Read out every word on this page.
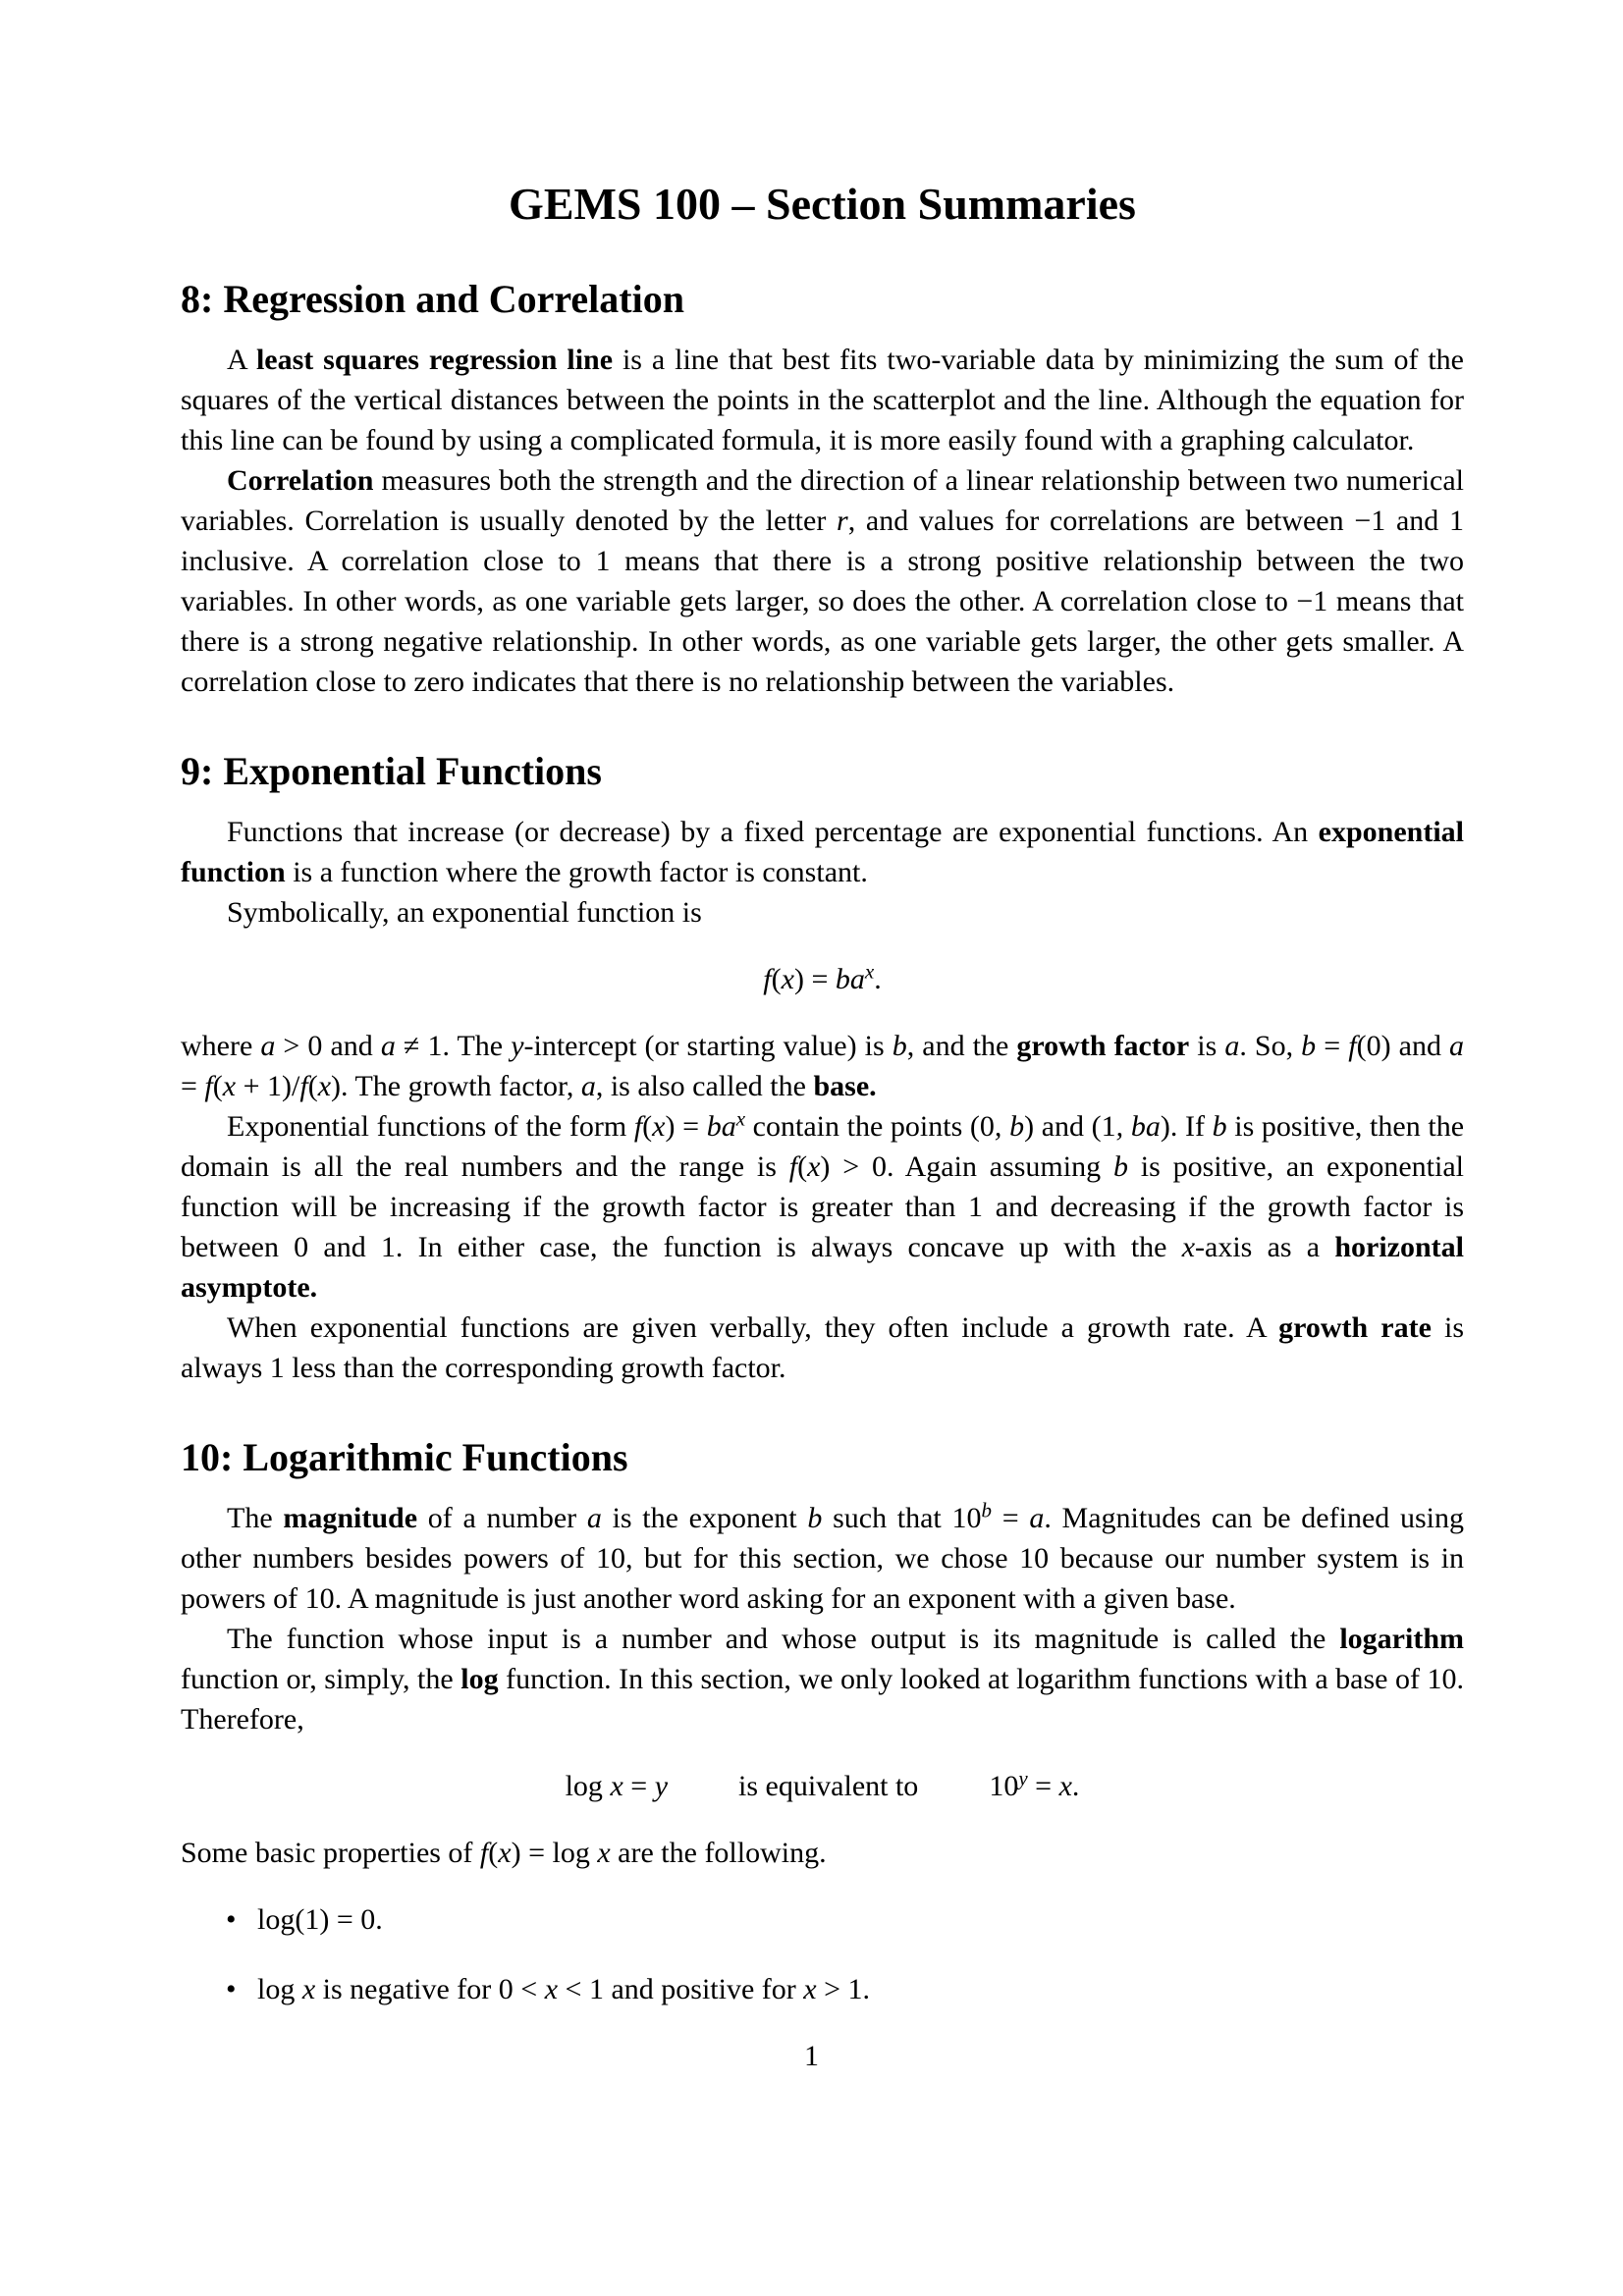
GEMS 100 – Section Summaries
8: Regression and Correlation

A least squares regression line is a line that best fits two-variable data by minimizing the sum of the squares of the vertical distances between the points in the scatterplot and the line. Although the equation for this line can be found by using a complicated formula, it is more easily found with a graphing calculator.

Correlation measures both the strength and the direction of a linear relationship between two numerical variables. Correlation is usually denoted by the letter r, and values for correlations are between −1 and 1 inclusive. A correlation close to 1 means that there is a strong positive relationship between the two variables. In other words, as one variable gets larger, so does the other. A correlation close to −1 means that there is a strong negative relationship. In other words, as one variable gets larger, the other gets smaller. A correlation close to zero indicates that there is no relationship between the variables.

9: Exponential Functions

Functions that increase (or decrease) by a fixed percentage are exponential functions. An exponential function is a function where the growth factor is constant.

Symbolically, an exponential function is

$f(x) = ba^x$.

where a > 0 and a ≠ 1. The y-intercept (or starting value) is b, and the growth factor is a. So, b = f(0) and a = f(x + 1)/f(x). The growth factor, a, is also called the base.

Exponential functions of the form $f(x) = ba^x$ contain the points (0, b) and (1, ba). If b is positive, then the domain is all the real numbers and the range is f(x) > 0. Again assuming b is positive, an exponential function will be increasing if the growth factor is greater than 1 and decreasing if the growth factor is between 0 and 1. In either case, the function is always concave up with the x-axis as a horizontal asymptote.

When exponential functions are given verbally, they often include a growth rate. A growth rate is always 1 less than the corresponding growth factor.

10: Logarithmic Functions

The magnitude of a number a is the exponent b such that $10^b = a$. Magnitudes can be defined using other numbers besides powers of 10, but for this section, we chose 10 because our number system is in powers of 10. A magnitude is just another word asking for an exponent with a given base.

The function whose input is a number and whose output is its magnitude is called the logarithm function or, simply, the log function. In this section, we only looked at logarithm functions with a base of 10. Therefore,

log x = y is equivalent to $10^y = x$.

Some basic properties of f(x) = log x are the following.

• log(1) = 0.
• log x is negative for 0 < x < 1 and positive for x > 1.
1
